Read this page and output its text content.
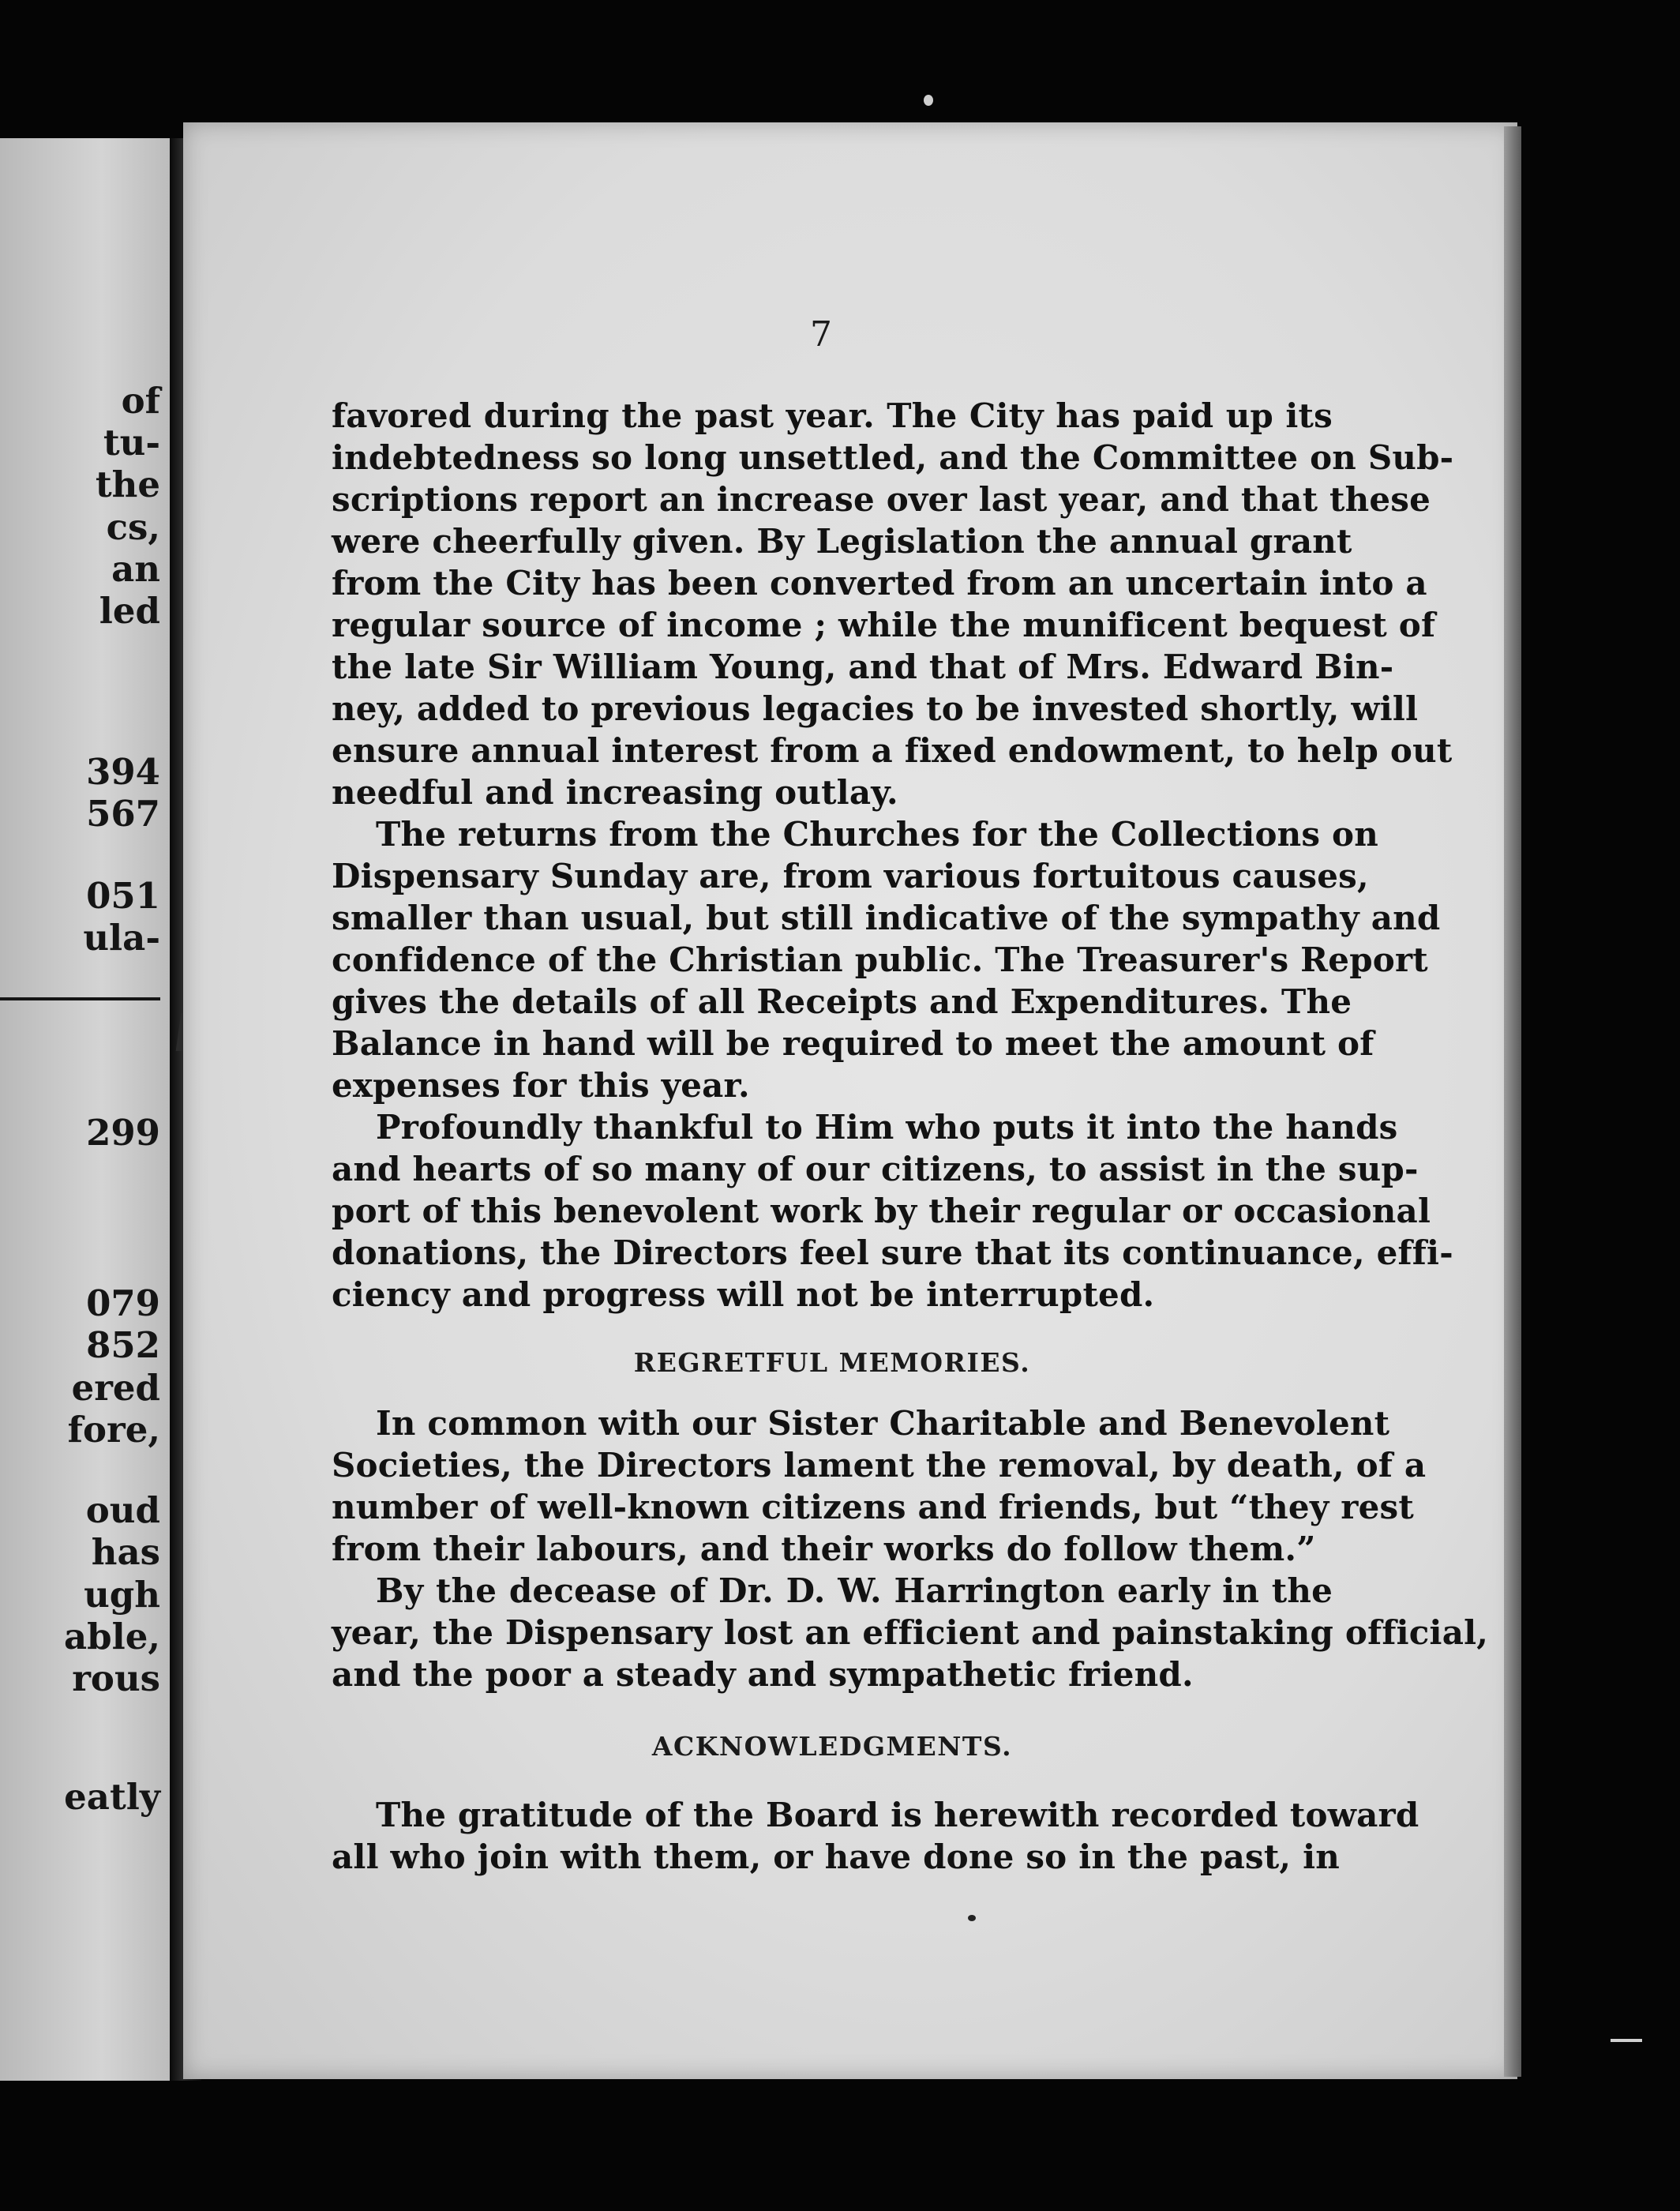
of
tu-
the
cs,
an
led
394
567
051
ula-
299
079
852
ered
fore,
oud
has
ugh
able,
rous
eatly
7
favored during the past year. The City has paid up its
indebtedness so long unsettled, and the Committee on Sub-
scriptions report an increase over last year, and that these
were cheerfully given. By Legislation the annual grant
from the City has been converted from an uncertain into a
regular source of income ; while the munificent bequest of
the late Sir William Young, and that of Mrs. Edward Bin-
ney, added to previous legacies to be invested shortly, will
ensure annual interest from a fixed endowment, to help out
needful and increasing outlay.
The returns from the Churches for the Collections on
Dispensary Sunday are, from various fortuitous causes,
smaller than usual, but still indicative of the sympathy and
confidence of the Christian public. The Treasurer's Report
gives the details of all Receipts and Expenditures. The
Balance in hand will be required to meet the amount of
expenses for this year.
Profoundly thankful to Him who puts it into the hands
and hearts of so many of our citizens, to assist in the sup-
port of this benevolent work by their regular or occasional
donations, the Directors feel sure that its continuance, effi-
ciency and progress will not be interrupted.
REGRETFUL MEMORIES.
In common with our Sister Charitable and Benevolent
Societies, the Directors lament the removal, by death, of a
number of well-known citizens and friends, but “they rest
from their labours, and their works do follow them.”
By the decease of Dr. D. W. Harrington early in the
year, the Dispensary lost an efficient and painstaking official,
and the poor a steady and sympathetic friend.
ACKNOWLEDGMENTS.
The gratitude of the Board is herewith recorded toward
all who join with them, or have done so in the past, in
